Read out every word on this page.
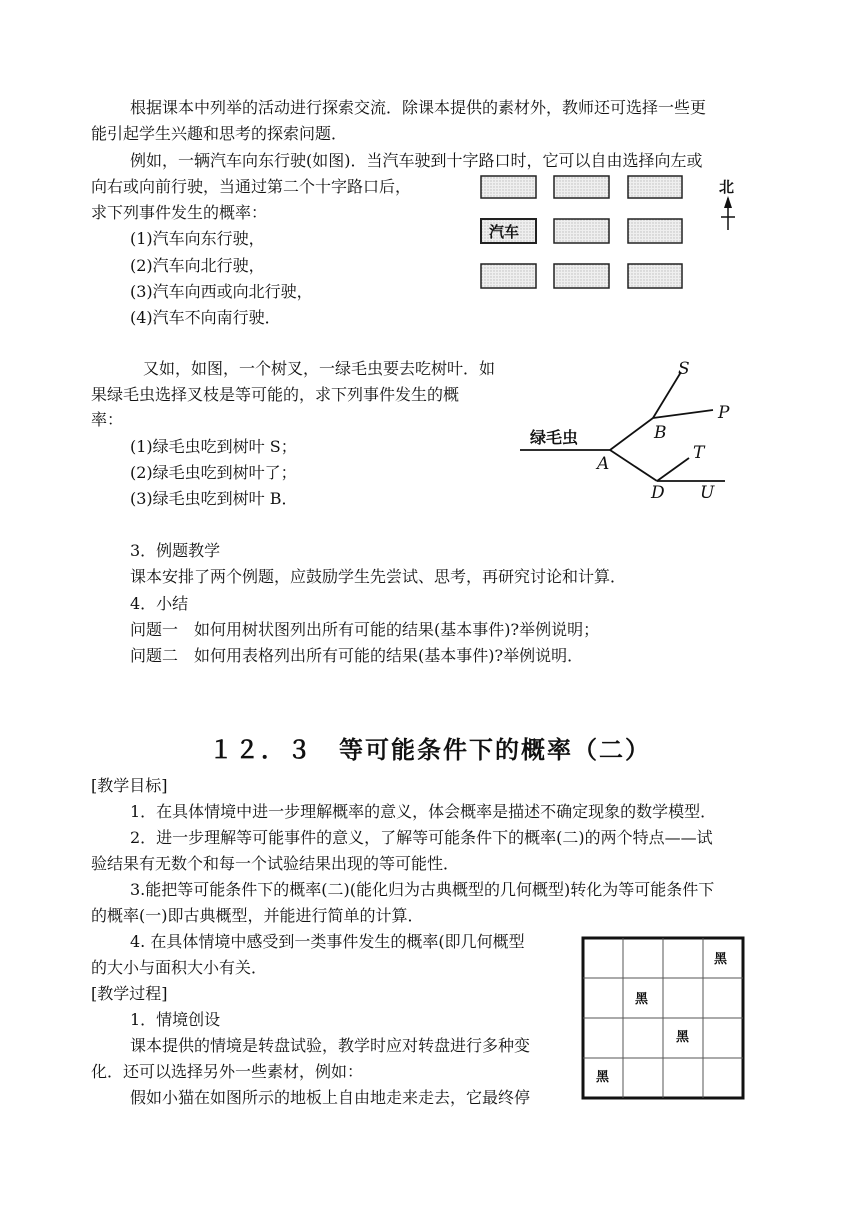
根据课本中列举的活动进行探索交流．除课本提供的素材外，教师还可选择一些更
能引起学生兴趣和思考的探索问题．
例如，一辆汽车向东行驶(如图)．当汽车驶到十字路口时，它可以自由选择向左或
向右或向前行驶，当通过第二个十字路口后，
求下列事件发生的概率：
(1)汽车向东行驶，
(2)汽车向北行驶，
(3)汽车向西或向北行驶，
(4)汽车不向南行驶．
汽车
北
又如，如图，一个树叉，一绿毛虫要去吃树叶．如
果绿毛虫选择叉枝是等可能的，求下列事件发生的概
率：
(1)绿毛虫吃到树叶 S；
(2)绿毛虫吃到树叶了；
(3)绿毛虫吃到树叶 B．
绿毛虫
S
P
B
A
T
D U
3．例题教学
课本安排了两个例题，应鼓励学生先尝试、思考，再研究讨论和计算．
4．小结
问题一　如何用树状图列出所有可能的结果(基本事件)?举例说明；
问题二　如何用表格列出所有可能的结果(基本事件)?举例说明．
１２．３　等可能条件下的概率（二）
[教学目标]
1．在具体情境中进一步理解概率的意义，体会概率是描述不确定现象的数学模型．
2．进一步理解等可能事件的意义，了解等可能条件下的概率(二)的两个特点——试
验结果有无数个和每一个试验结果出现的等可能性．
3.能把等可能条件下的概率(二)(能化归为古典概型的几何概型)转化为等可能条件下
的概率(一)即古典概型，并能进行简单的计算．
4. 在具体情境中感受到一类事件发生的概率(即几何概型
的大小与面积大小有关．
[教学过程]
1．情境创设
课本提供的情境是转盘试验，教学时应对转盘进行多种变
化．还可以选择另外一些素材，例如：
假如小猫在如图所示的地板上自由地走来走去，它最终停
黑
黑
黑
黑
